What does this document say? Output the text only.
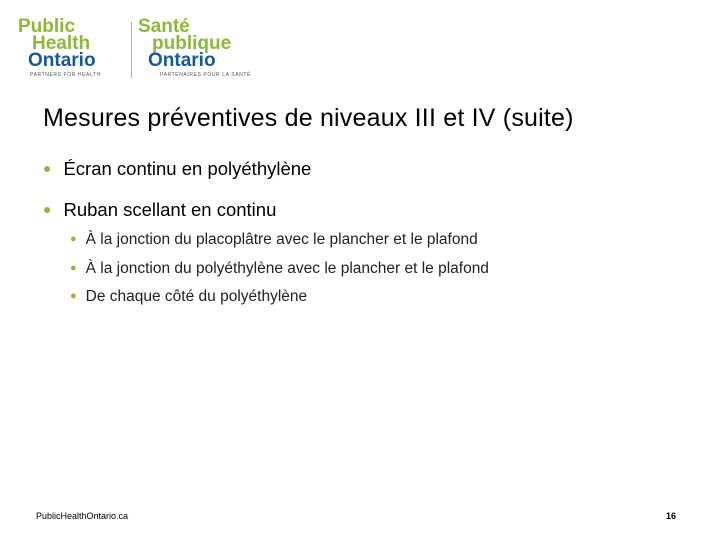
Public
Health
Ontario
PARTNERS FOR HEALTH
Santé
publique
Ontario
PARTENAIRES POUR LA SANTÉ
Mesures préventives de niveaux III et IV (suite)
● Écran continu en polyéthylène
● Ruban scellant en continu
● À la jonction du placoplâtre avec le plancher et le plafond
● À la jonction du polyéthylène avec le plancher et le plafond
● De chaque côté du polyéthylène
PublicHealthOntario.ca	16
